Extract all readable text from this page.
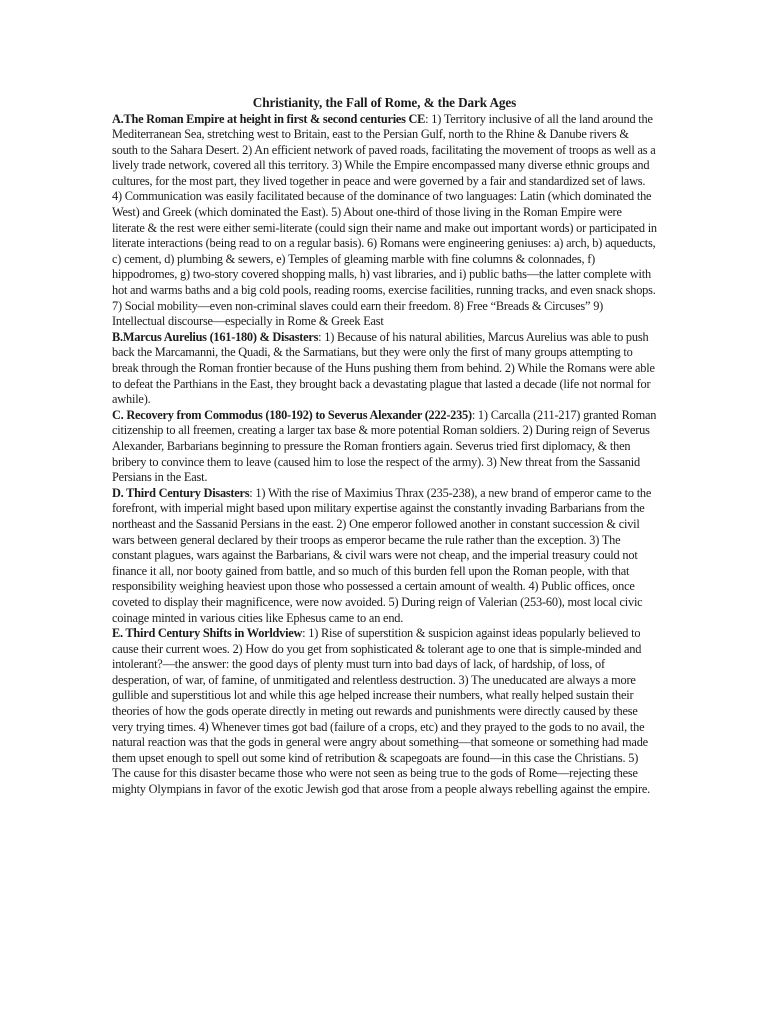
Christianity, the Fall of Rome, & the Dark Ages

A.The Roman Empire at height in first & second centuries CE: 1) Territory inclusive of all the land around the Mediterranean Sea, stretching west to Britain, east to the Persian Gulf, north to the Rhine & Danube rivers & south to the Sahara Desert. 2) An efficient network of paved roads, facilitating the movement of troops as well as a lively trade network, covered all this territory. 3) While the Empire encompassed many diverse ethnic groups and cultures, for the most part, they lived together in peace and were governed by a fair and standardized set of laws. 4) Communication was easily facilitated because of the dominance of two languages: Latin (which dominated the West) and Greek (which dominated the East). 5) About one-third of those living in the Roman Empire were literate & the rest were either semi-literate (could sign their name and make out important words) or participated in literate interactions (being read to on a regular basis). 6) Romans were engineering geniuses: a) arch, b) aqueducts, c) cement, d) plumbing & sewers, e) Temples of gleaming marble with fine columns & colonnades, f) hippodromes, g) two-story covered shopping malls, h) vast libraries, and i) public baths—the latter complete with hot and warms baths and a big cold pools, reading rooms, exercise facilities, running tracks, and even snack shops. 7) Social mobility—even non-criminal slaves could earn their freedom. 8) Free “Breads & Circuses” 9) Intellectual discourse—especially in Rome & Greek East

B.Marcus Aurelius (161-180) & Disasters: 1) Because of his natural abilities, Marcus Aurelius was able to push back the Marcamanni, the Quadi, & the Sarmatians, but they were only the first of many groups attempting to break through the Roman frontier because of the Huns pushing them from behind. 2) While the Romans were able to defeat the Parthians in the East, they brought back a devastating plague that lasted a decade (life not normal for awhile).

C. Recovery from Commodus (180-192) to Severus Alexander (222-235): 1) Carcalla (211-217) granted Roman citizenship to all freemen, creating a larger tax base & more potential Roman soldiers. 2) During reign of Severus Alexander, Barbarians beginning to pressure the Roman frontiers again. Severus tried first diplomacy, & then bribery to convince them to leave (caused him to lose the respect of the army). 3) New threat from the Sassanid Persians in the East.

D. Third Century Disasters: 1) With the rise of Maximius Thrax (235-238), a new brand of emperor came to the forefront, with imperial might based upon military expertise against the constantly invading Barbarians from the northeast and the Sassanid Persians in the east. 2) One emperor followed another in constant succession & civil wars between general declared by their troops as emperor became the rule rather than the exception. 3) The constant plagues, wars against the Barbarians, & civil wars were not cheap, and the imperial treasury could not finance it all, nor booty gained from battle, and so much of this burden fell upon the Roman people, with that responsibility weighing heaviest upon those who possessed a certain amount of wealth. 4) Public offices, once coveted to display their magnificence, were now avoided. 5) During reign of Valerian (253-60), most local civic coinage minted in various cities like Ephesus came to an end.

E. Third Century Shifts in Worldview: 1) Rise of superstition & suspicion against ideas popularly believed to cause their current woes. 2) How do you get from sophisticated & tolerant age to one that is simple-minded and intolerant?—the answer: the good days of plenty must turn into bad days of lack, of hardship, of loss, of desperation, of war, of famine, of unmitigated and relentless destruction. 3) The uneducated are always a more gullible and superstitious lot and while this age helped increase their numbers, what really helped sustain their theories of how the gods operate directly in meting out rewards and punishments were directly caused by these very trying times. 4) Whenever times got bad (failure of a crops, etc) and they prayed to the gods to no avail, the natural reaction was that the gods in general were angry about something—that someone or something had made them upset enough to spell out some kind of retribution & scapegoats are found—in this case the Christians. 5) The cause for this disaster became those who were not seen as being true to the gods of Rome—rejecting these mighty Olympians in favor of the exotic Jewish god that arose from a people always rebelling against the empire.
